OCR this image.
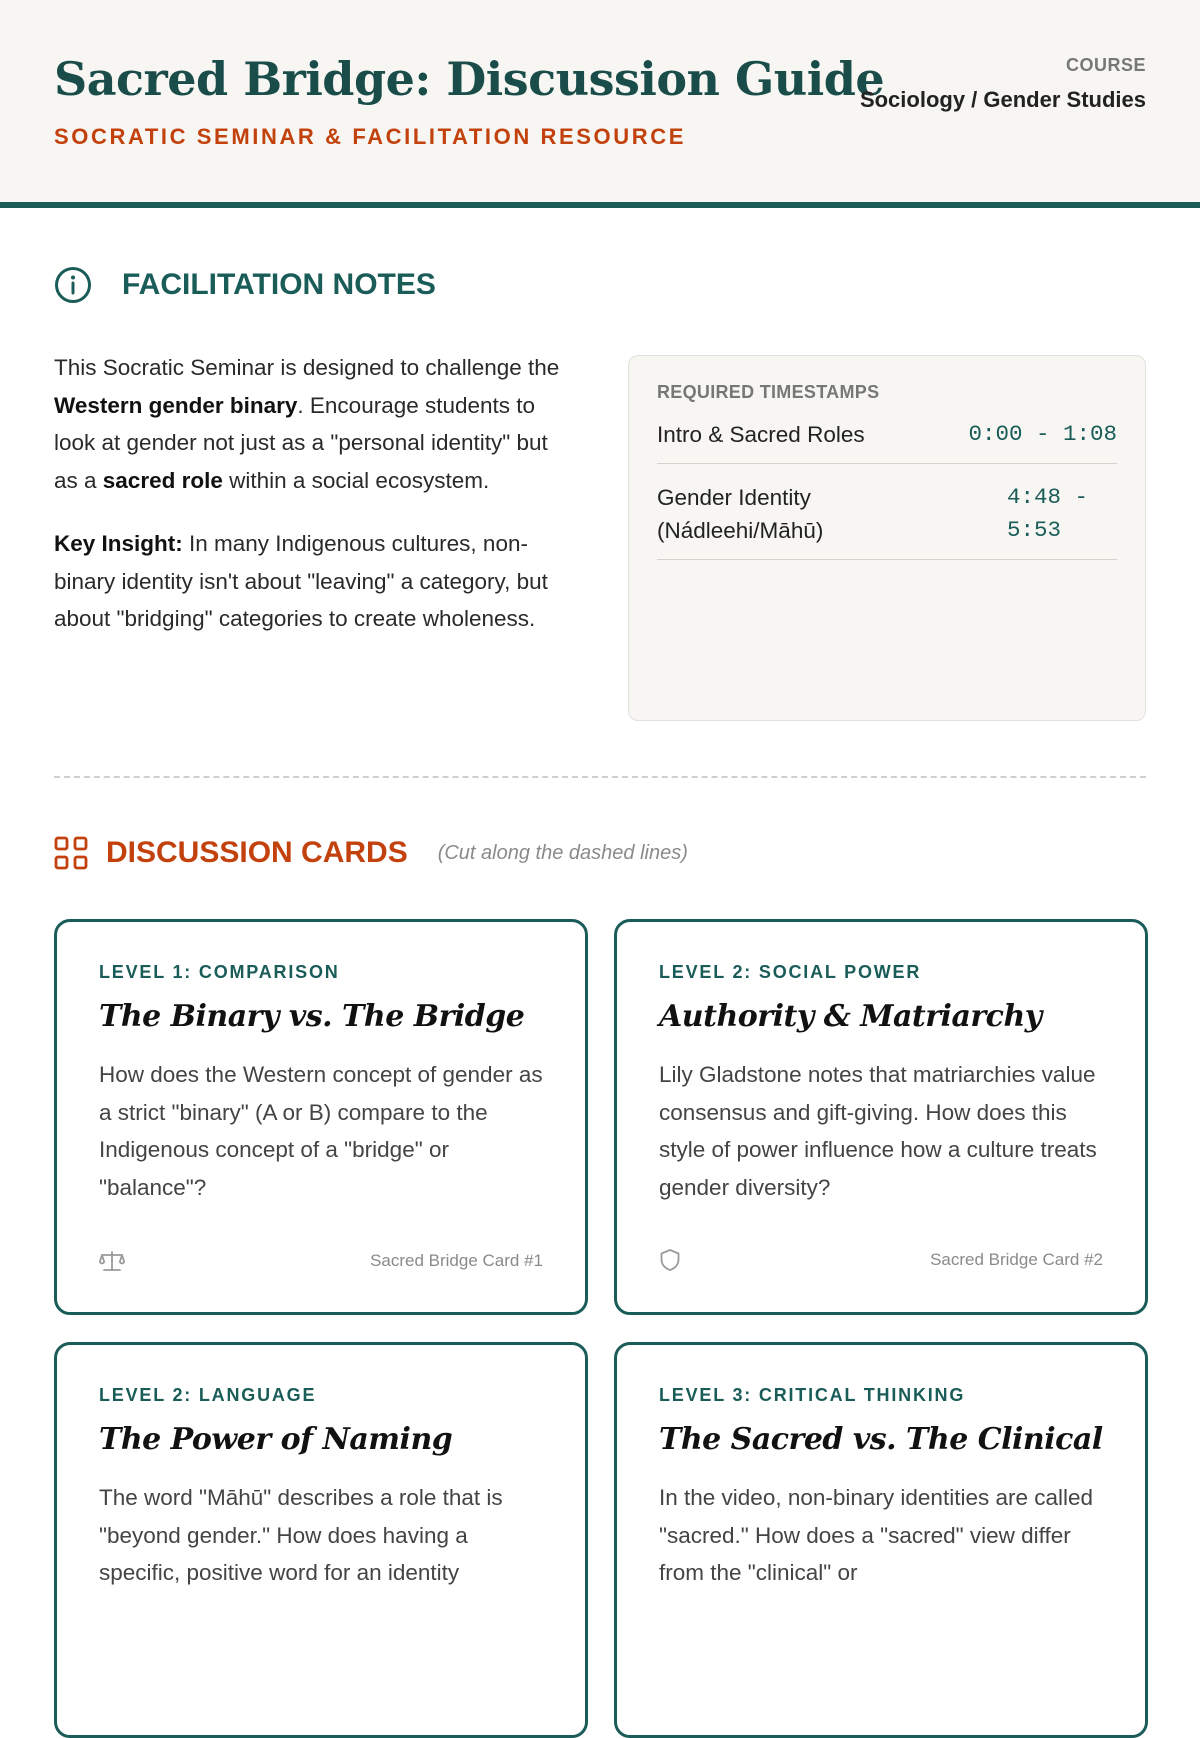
Sacred Bridge: Discussion Guide
SOCRATIC SEMINAR & FACILITATION RESOURCE
COURSE
Sociology / Gender Studies
FACILITATION NOTES

This Socratic Seminar is designed to challenge the Western gender binary. Encourage students to look at gender not just as a "personal identity" but as a sacred role within a social ecosystem.

Key Insight: In many Indigenous cultures, non-binary identity isn't about "leaving" a category, but about "bridging" categories to create wholeness.

REQUIRED TIMESTAMPS
Intro & Sacred Roles	0:00 - 1:08
Gender Identity (Nádleehi/Māhū)
4:48 - 5:53
DISCUSSION CARDS (Cut along the dashed lines)
LEVEL 1: COMPARISON
The Binary vs. The Bridge
How does the Western concept of gender as a strict "binary" (A or B) compare to the Indigenous concept of a "bridge" or "balance"?
Sacred Bridge Card #1
LEVEL 2: SOCIAL POWER
Authority & Matriarchy
Lily Gladstone notes that matriarchies value consensus and gift-giving. How does this style of power influence how a culture treats gender diversity?
Sacred Bridge Card #2
LEVEL 2: LANGUAGE
The Power of Naming
The word "Māhū" describes a role that is "beyond gender." How does having a specific, positive word for an identity
LEVEL 3: CRITICAL THINKING
The Sacred vs. The Clinical
In the video, non-binary identities are called "sacred." How does a "sacred" view differ from the "clinical" or
